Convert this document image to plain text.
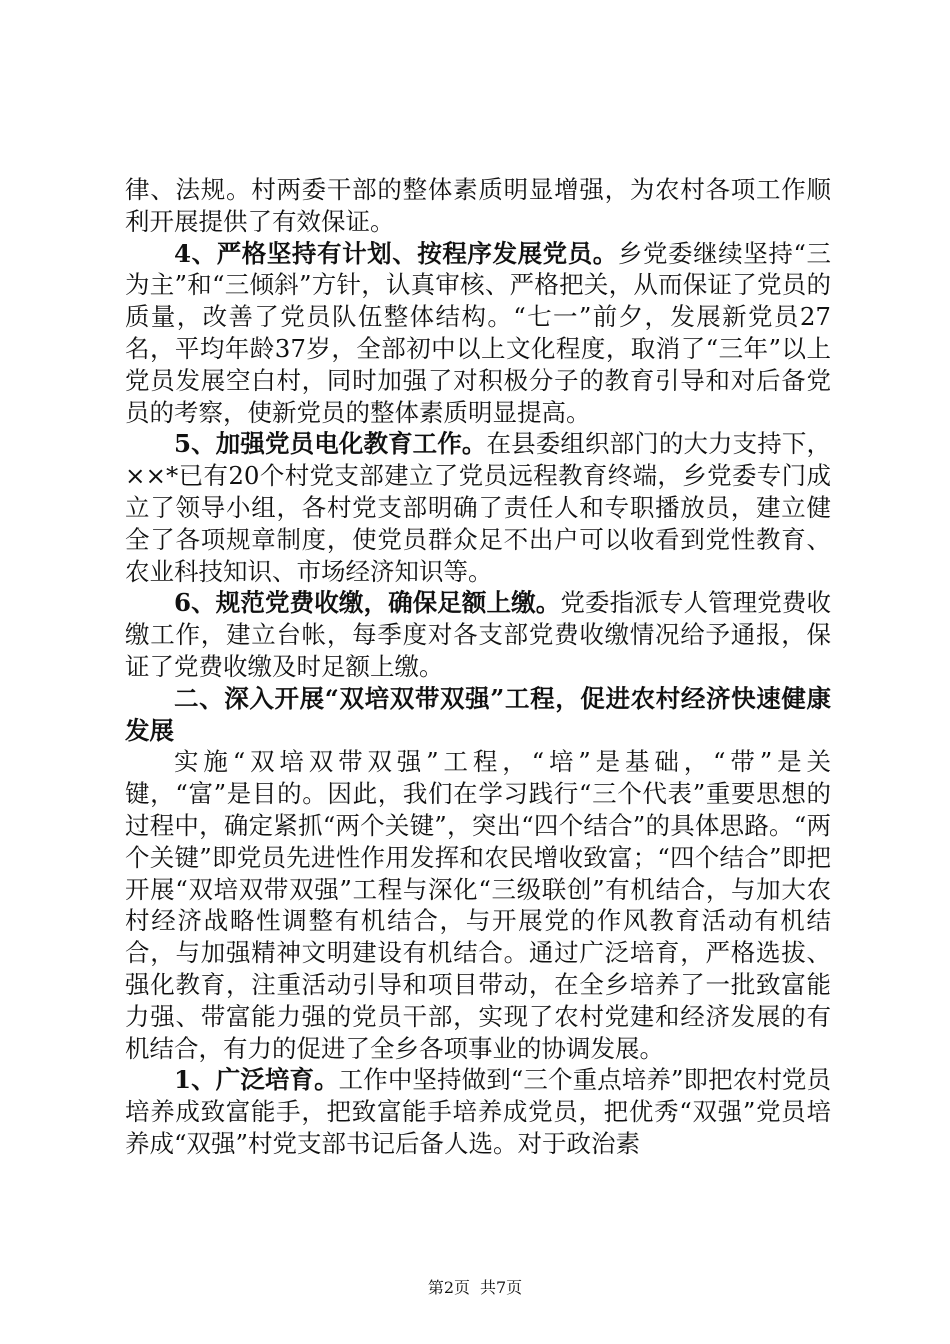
律、法规。村两委干部的整体素质明显增强，为农村各项工作顺利开展提供了有效保证。

4、严格坚持有计划、按程序发展党员。乡党委继续坚持“三为主”和“三倾斜”方针，认真审核、严格把关，从而保证了党员的质量，改善了党员队伍整体结构。“七一”前夕，发展新党员27名，平均年龄37岁，全部初中以上文化程度，取消了“三年”以上党员发展空白村，同时加强了对积极分子的教育引导和对后备党员的考察，使新党员的整体素质明显提高。

5、加强党员电化教育工作。在县委组织部门的大力支持下，××*已有20个村党支部建立了党员远程教育终端，乡党委专门成立了领导小组，各村党支部明确了责任人和专职播放员，建立健全了各项规章制度，使党员群众足不出户可以收看到党性教育、农业科技知识、市场经济知识等。

6、规范党费收缴，确保足额上缴。党委指派专人管理党费收缴工作，建立台帐，每季度对各支部党费收缴情况给予通报，保证了党费收缴及时足额上缴。

二、深入开展“双培双带双强”工程，促进农村经济快速健康发展

实施“双培双带双强”工程，“培”是基础，“带”是关键，“富”是目的。因此，我们在学习践行“三个代表”重要思想的过程中，确定紧抓“两个关键”，突出“四个结合”的具体思路。“两个关键”即党员先进性作用发挥和农民增收致富；“四个结合”即把开展“双培双带双强”工程与深化“三级联创”有机结合，与加大农村经济战略性调整有机结合，与开展党的作风教育活动有机结合，与加强精神文明建设有机结合。通过广泛培育，严格选拔、强化教育，注重活动引导和项目带动，在全乡培养了一批致富能力强、带富能力强的党员干部，实现了农村党建和经济发展的有机结合，有力的促进了全乡各项事业的协调发展。

1、广泛培育。工作中坚持做到“三个重点培养”即把农村党员培养成致富能手，把致富能手培养成党员，把优秀“双强”党员培养成“双强”村党支部书记后备人选。对于政治素

第2页 共7页
